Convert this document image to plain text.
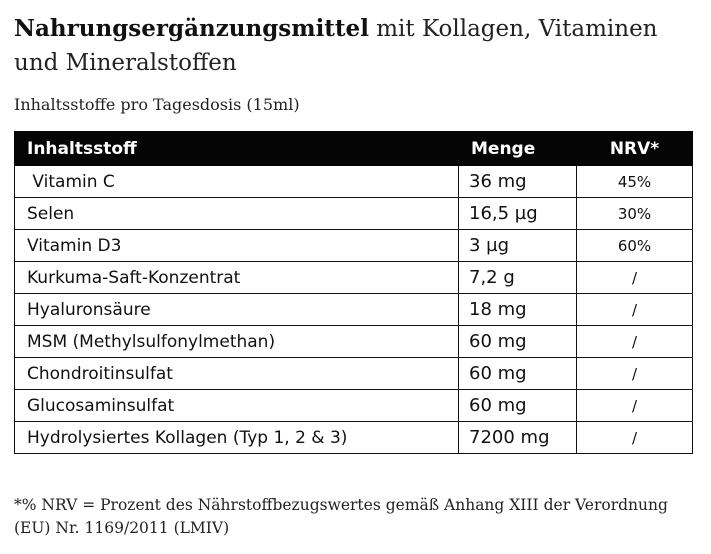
Nahrungsergänzungsmittel mit Kollagen, Vitaminen und Mineralstoffen
Inhaltsstoffe pro Tagesdosis (15ml)
Inhaltsstoff	Menge	NRV*
Vitamin C	36 mg	45%
Selen	16,5 µg	30%
Vitamin D3	3 µg	60%
Kurkuma-Saft-Konzentrat	7,2 g	/
Hyaluronsäure	18 mg	/
MSM (Methylsulfonylmethan)	60 mg	/
Chondroitinsulfat	60 mg	/
Glucosaminsulfat	60 mg	/
Hydrolysiertes Kollagen (Typ 1, 2 & 3)	7200 mg	/
*% NRV = Prozent des Nährstoffbezugswertes gemäß Anhang XIII der Verordnung (EU) Nr. 1169/2011 (LMIV)
